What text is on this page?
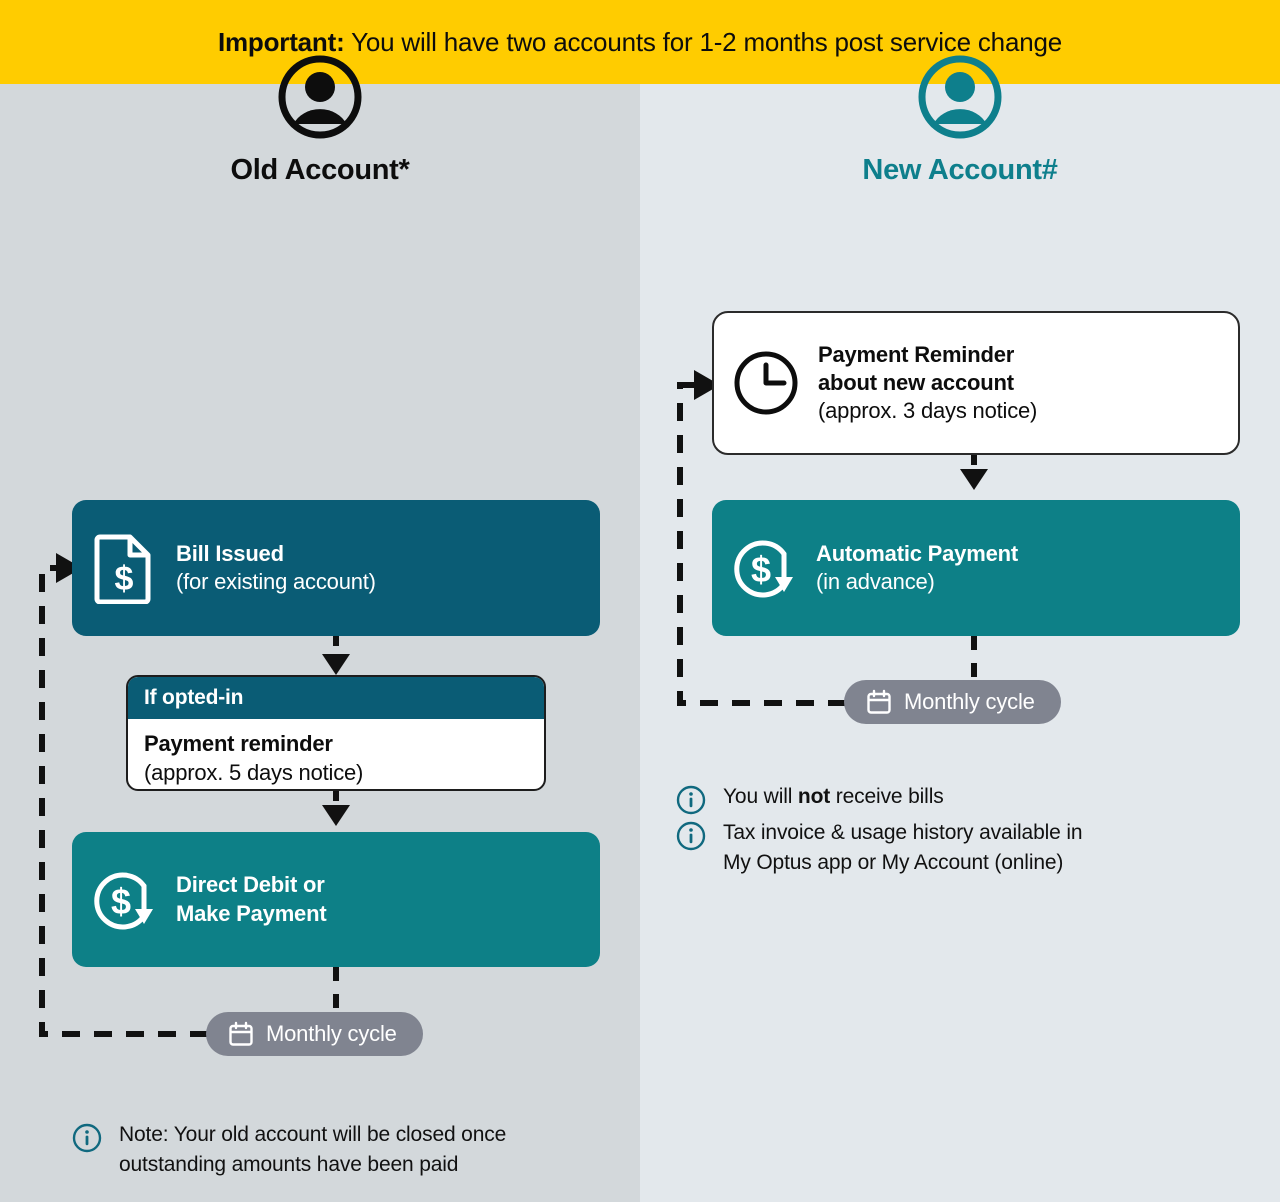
Important: You will have two accounts for 1-2 months post service change
Old Account*	New Account#
$
Bill Issued
(for existing account)
If opted-in
Payment reminder
(approx. 5 days notice)
$ Direct Debit or
Make Payment
Monthly cycle
Note: Your old account will be closed once
outstanding amounts have been paid
Payment Reminder
about new account
(approx. 3 days notice)
$ Automatic Payment
(in advance)
Monthly cycle
You will not receive bills
Tax invoice & usage history available in
My Optus app or My Account (online)
